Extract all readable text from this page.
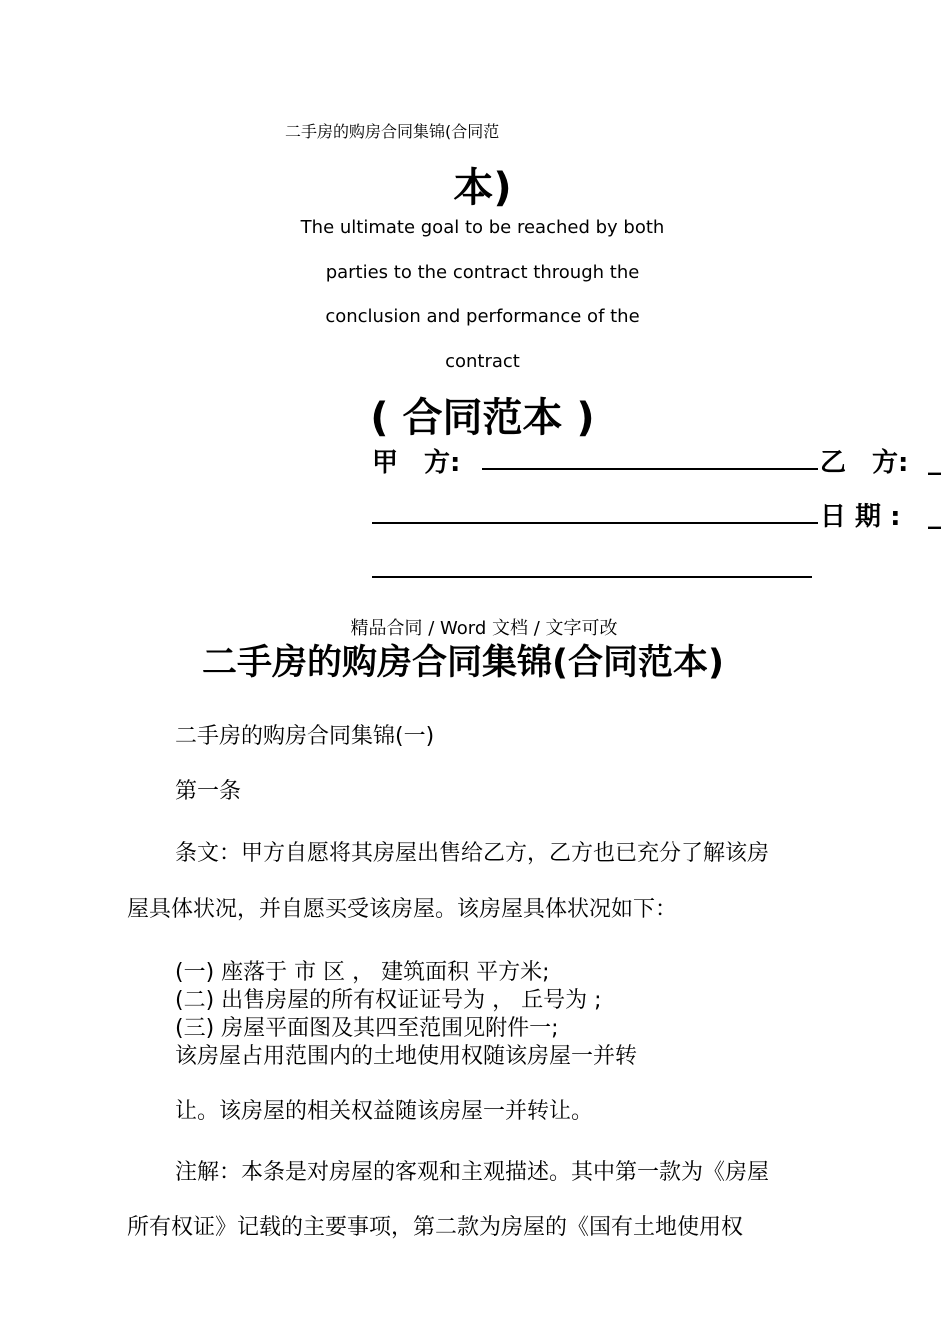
二手房的购房合同集锦(合同范
本)
The ultimate goal to be reached by both
parties to the contract through the
conclusion and performance of the
contract
( 合同范本 )
甲　方:	乙　方: _
日 期 : _
精品合同 / Word 文档 / 文字可改
二手房的购房合同集锦(合同范本)
二手房的购房合同集锦(一)
第一条
条文：甲方自愿将其房屋出售给乙方，乙方也已充分了解该房
屋具体状况，并自愿买受该房屋。该房屋具体状况如下：
(一) 座落于 市 区 ， 建筑面积 平方米;
(二) 出售房屋的所有权证证号为 ， 丘号为 ;
(三) 房屋平面图及其四至范围见附件一;
该房屋占用范围内的土地使用权随该房屋一并转
让。该房屋的相关权益随该房屋一并转让。
注解：本条是对房屋的客观和主观描述。其中第一款为《房屋
所有权证》记载的主要事项，第二款为房屋的《国有土地使用权
